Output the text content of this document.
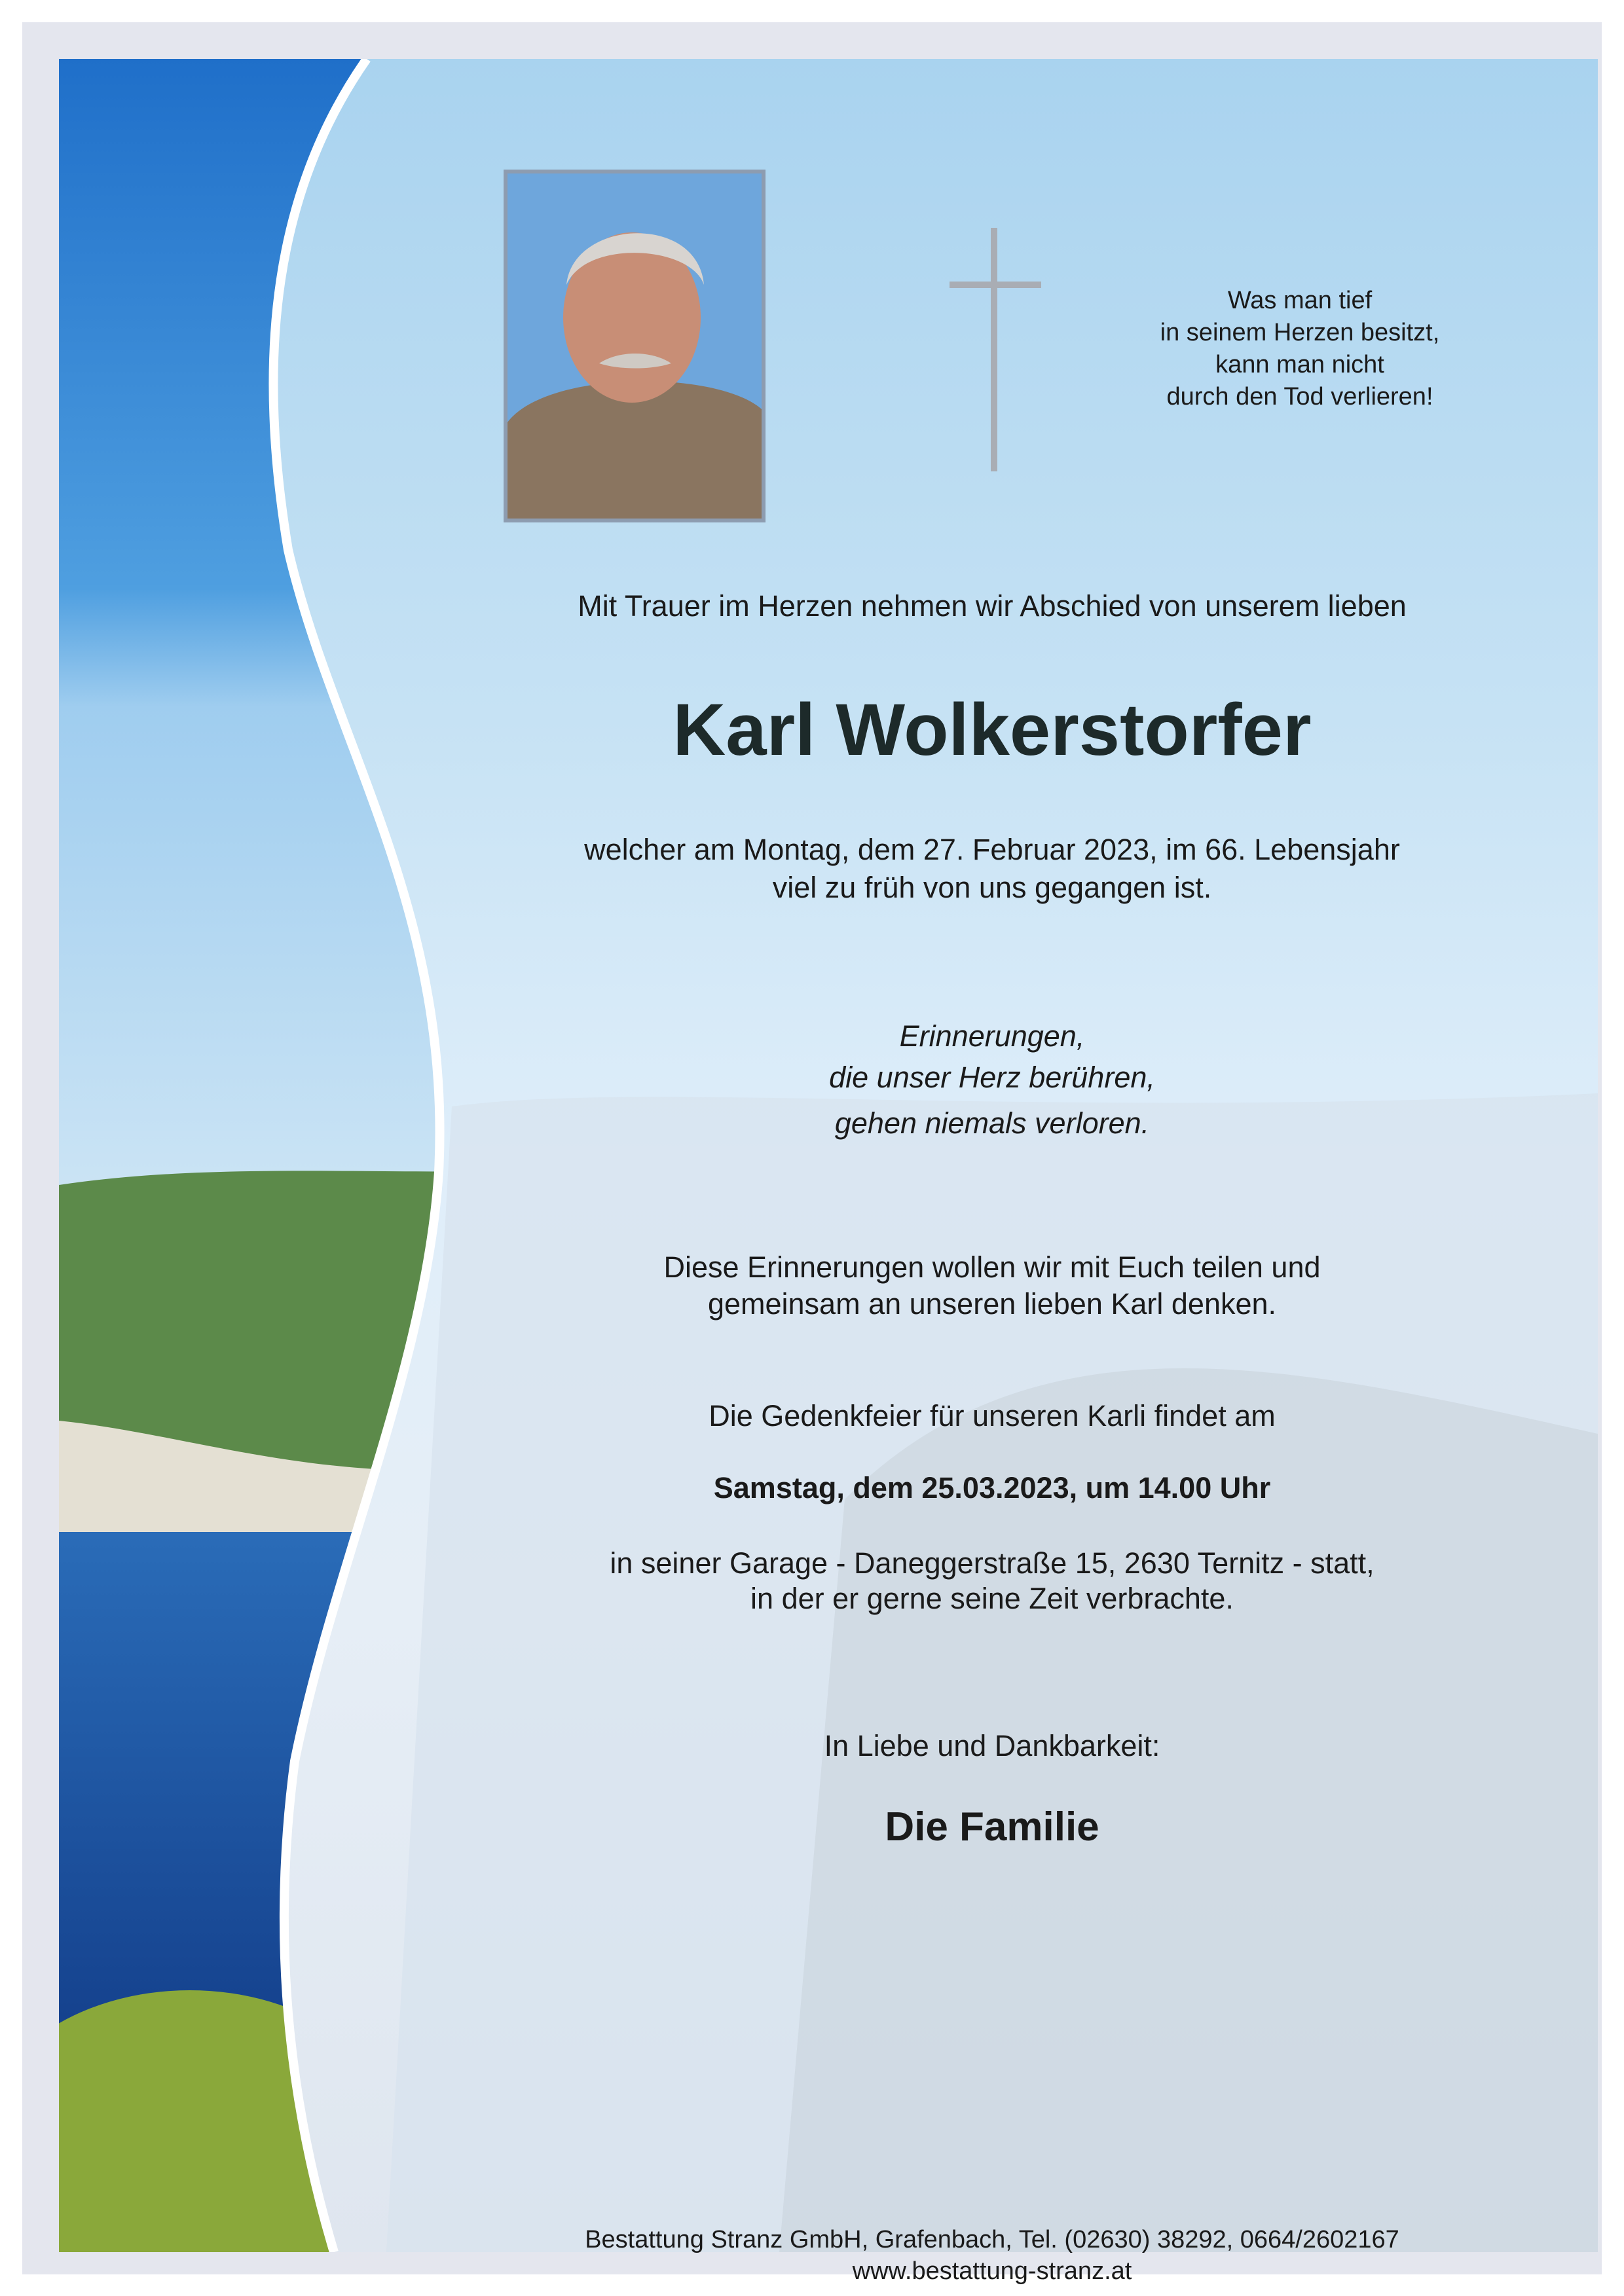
Was man tief
in seinem Herzen besitzt,
kann man nicht
durch den Tod verlieren!
Mit Trauer im Herzen nehmen wir Abschied von unserem lieben
Karl Wolkerstorfer
welcher am Montag, dem 27. Februar 2023, im 66. Lebensjahr
viel zu früh von uns gegangen ist.
Erinnerungen,
die unser Herz berühren,
gehen niemals verloren.
Diese Erinnerungen wollen wir mit Euch teilen und
gemeinsam an unseren lieben Karl denken.
Die Gedenkfeier für unseren Karli findet am
Samstag, dem 25.03.2023, um 14.00 Uhr
in seiner Garage - Daneggerstraße 15, 2630 Ternitz - statt,
in der er gerne seine Zeit verbrachte.
In Liebe und Dankbarkeit:
Die Familie
Bestattung Stranz GmbH, Grafenbach, Tel. (02630) 38292, 0664/2602167
www.bestattung-stranz.at
